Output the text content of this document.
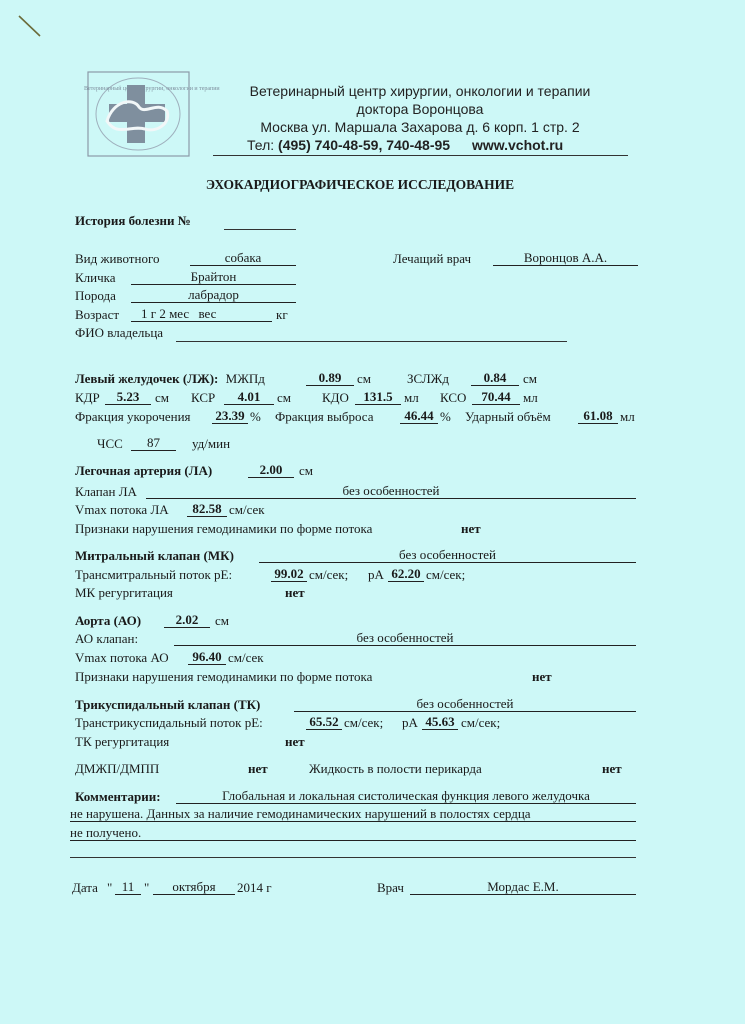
Ветеринарный центр хирургии, онкологии и терапии	Ветеринарный центр хирургии, онкологии и терапии
доктора Воронцова
Москва ул. Маршала Захарова д. 6 корп. 1 стр. 2
Тел: (495) 740-48-59, 740-48-95 www.vchot.ru
ЭХОКАРДИОГРАФИЧЕСКОЕ ИССЛЕДОВАНИЕ
История болезни №
Вид животного	собака	Лечащий врач	Воронцов А.А.
Кличка	Брайтон
Порода	лабрадор
Возраст	1 г 2 мес вес	кг
ФИО владельца
Левый желудочек (ЛЖ): МЖПд	0.89	см	ЗСЛЖд	0.84	см
КДР	5.23	см КСР	4.01	см КДО	131.5 мл КСО	70.44 мл
Фракция укорочения 23.39 % Фракция выброса	46.44 % Ударный объём	61.08 мл
ЧСС	87	уд/мин
Легочная артерия (ЛА)	2.00	см
Клапан ЛА	без особенностей
Vmax потока ЛА	82.58 см/сек
Признаки нарушения гемодинамики по форме потока	нет
Митральный клапан (МК)	без особенностей
Трансмитральный поток рЕ:	99.02 см/сек; рА 62.20 см/сек;
МК регургитация	нет
Аорта (АО)	2.02	см
АО клапан:	без особенностей
Vmax потока АО	96.40 см/сек
Признаки нарушения гемодинамики по форме потока	нет
Трикуспидальный клапан (ТК)	без особенностей
Транстрикуспидальный поток рЕ:	65.52 см/сек; рА 45.63 см/сек;
ТК регургитация	нет
ДМЖП/ДМПП	нет	Жидкость в полости перикарда	нет
Комментарии:	Глобальная и локальная систолическая функция левого желудочка
не нарушена. Данных за наличие гемодинамических нарушений в полостях сердца
не получено.
Дата " 11 "	октября	2014 г	Врач	Мордас Е.М.
